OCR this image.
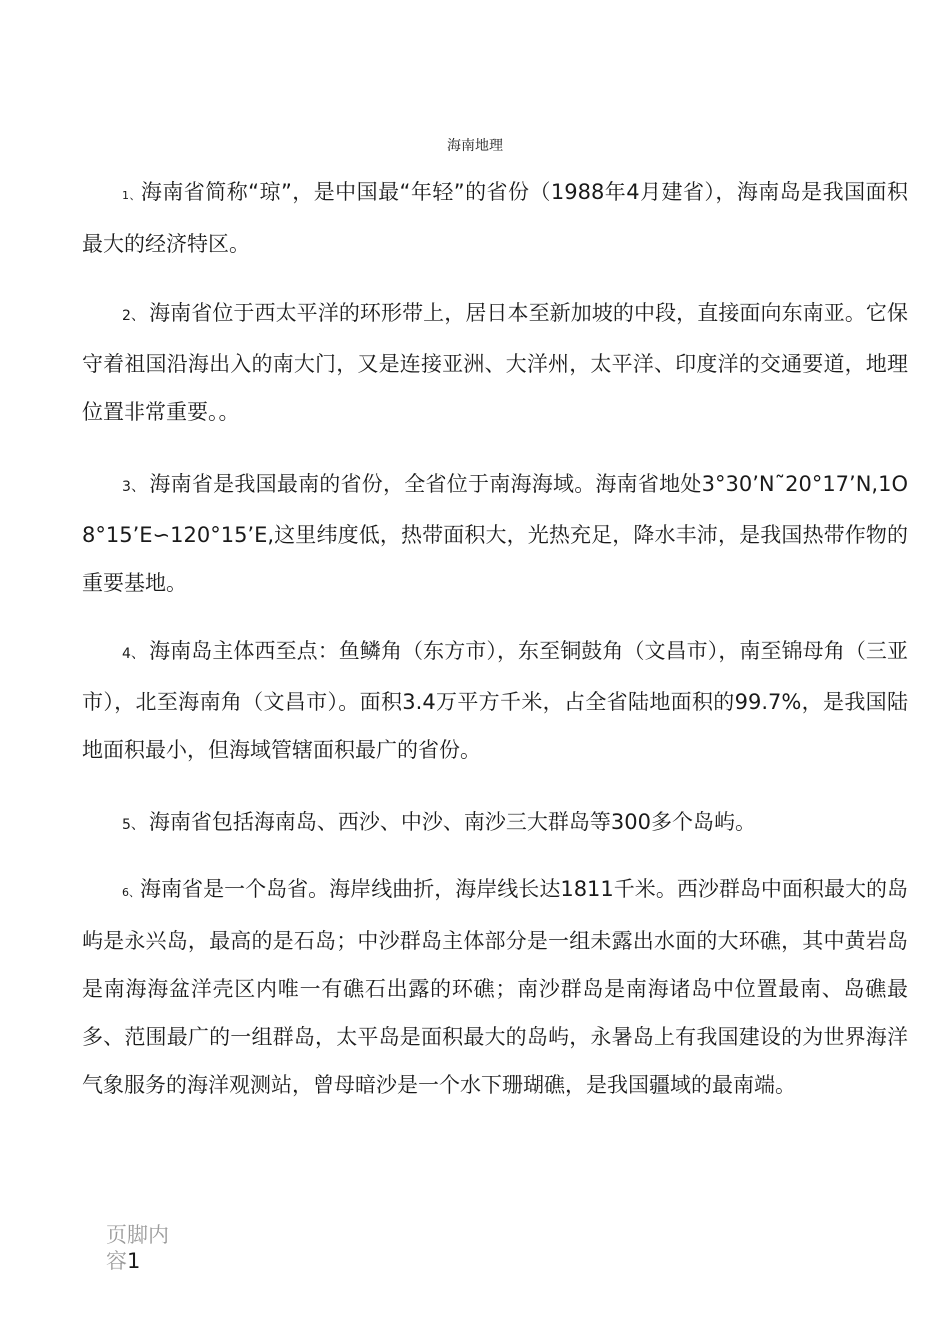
海南地理

1、海南省简称“琼”，是中国最“年轻”的省份（1988年4月建省），海南岛是我国面积最大的经济特区。

2、 海南省位于西太平洋的环形带上，居日本至新加坡的中段，直接面向东南亚。它保守着祖国沿海出入的南大门，又是连接亚洲、大洋州，太平洋、印度洋的交通要道，地理位置非常重要。。

3、 海南省是我国最南的省份，全省位于南海海域。海南省地处3°30’N˜20°17’N,1O8°15’E∽120°15’E,这里纬度低，热带面积大，光热充足，降水丰沛，是我国热带作物的重要基地。

4、 海南岛主体西至点：鱼鳞角（东方市），东至铜鼓角（文昌市），南至锦母角（三亚市），北至海南角（文昌市）。面积3.4万平方千米，占全省陆地面积的99.7%，是我国陆地面积最小，但海域管辖面积最广的省份。

5、 海南省包括海南岛、西沙、中沙、南沙三大群岛等300多个岛屿。

6、海南省是一个岛省。海岸线曲折，海岸线长达1811千米。西沙群岛中面积最大的岛屿是永兴岛，最高的是石岛；中沙群岛主体部分是一组未露出水面的大环礁，其中黄岩岛是南海海盆洋壳区内唯一有礁石出露的环礁；南沙群岛是南海诸岛中位置最南、岛礁最多、范围最广的一组群岛，太平岛是面积最大的岛屿，永暑岛上有我国建设的为世界海洋气象服务的海洋观测站，曾母暗沙是一个水下珊瑚礁，是我国疆域的最南端。

页脚内容1
